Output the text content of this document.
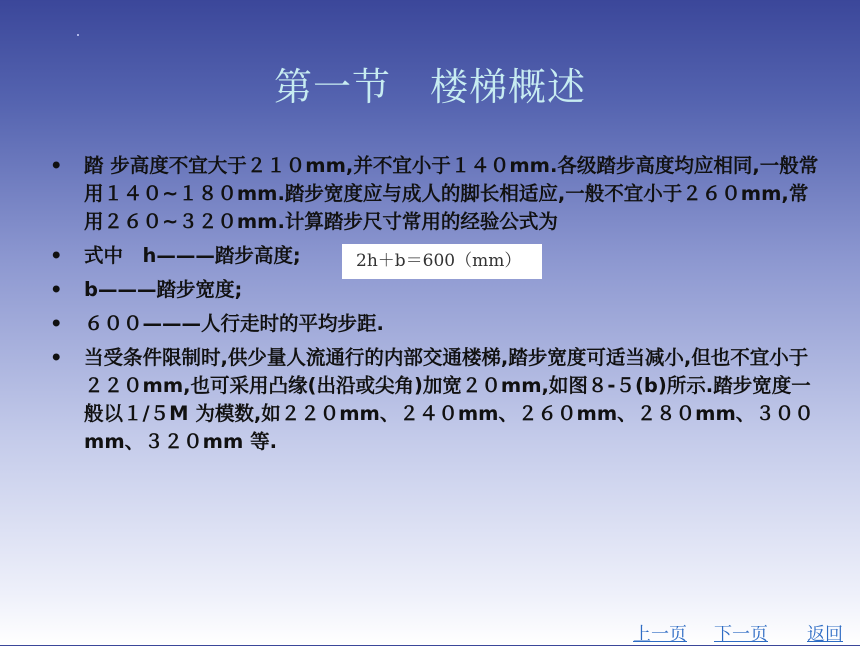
第一节　楼梯概述
•	踏 步高度不宜大于２１０mm,并不宜小于１４０mm.各级踏步高度均应相同,一般常用１４０~１８０mm.踏步宽度应与成人的脚长相适应,一般不宜小于２６０mm,常用２６０~３２０mm.计算踏步尺寸常用的经验公式为
•	式中　h———踏步高度;
•	b———踏步宽度;
•	６００———人行走时的平均步距.
•	当受条件限制时,供少量人流通行的内部交通楼梯,踏步宽度可适当减小,但也不宜小于２２０mm,也可采用凸缘(出沿或尖角)加宽２０mm,如图８-５(b)所示.踏步宽度一般以１/５M 为模数,如２２０mm、２４０mm、２６０mm、２８０mm、３００mm、３２０mm 等.
2h＋b＝600（mm）
上一页 下一页 返回
